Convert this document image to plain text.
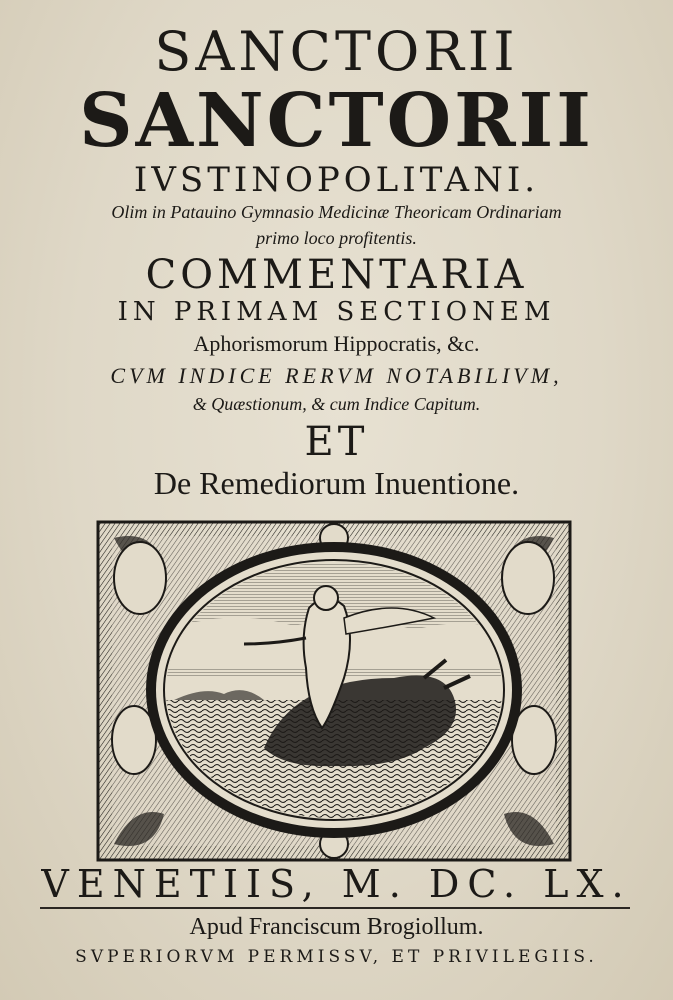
SANCTORII
SANCTORII
IVSTINOPOLITANI.
Olim in Patauino Gymnasio Medicinæ Theoricam Ordinariam
primo loco profitentis.
COMMENTARIA
IN PRIMAM SECTIONEM
Aphorismorum Hippocratis, &c.
CVM INDICE RERVM NOTABILIVM,
& Quæstionum, & cum Indice Capitum.
ET
De Remediorum Inuentione.
VENETIIS, M. DC. LX.
Apud Franciscum Brogiollum.
SVPERIORVM PERMISSV, ET PRIVILEGIIS.
